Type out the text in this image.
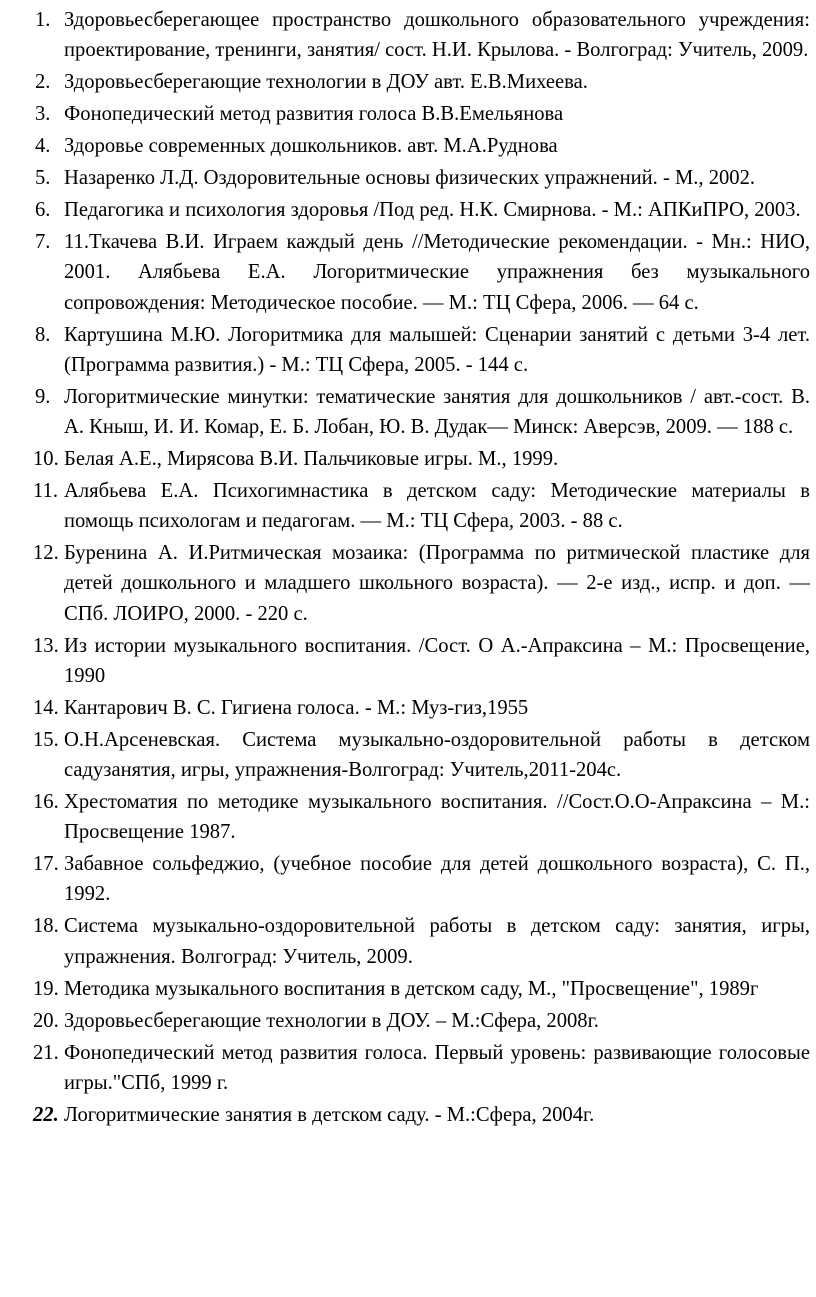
1. Здоровьесберегающее пространство дошкольного образовательного учреждения: проектирование, тренинги, занятия/ сост. Н.И. Крылова. - Волгоград: Учитель, 2009.
2. Здоровьесберегающие технологии в ДОУ авт. Е.В.Михеева.
3. Фонопедический метод развития голоса В.В.Емельянова
4. Здоровье современных дошкольников. авт. М.А.Руднова
5. Назаренко Л.Д. Оздоровительные основы физических упражнений. - М., 2002.
6. Педагогика и психология здоровья /Под ред. Н.К. Смирнова. - М.: АПКиПРО, 2003.
7. 11.Ткачева В.И. Играем каждый день //Методические рекомендации. - Мн.: НИО, 2001. Алябьева Е.А. Логоритмические упражнения без музыкального сопровождения: Методическое пособие. — М.: ТЦ Сфера, 2006. — 64 с.
8. Картушина М.Ю. Логоритмика для малышей: Сценарии занятий с детьми 3-4 лет. (Программа развития.) - М.: ТЦ Сфера, 2005. - 144 с.
9. Логоритмические минутки: тематические занятия для дошкольников / авт.-сост. В. А. Кныш, И. И. Комар, Е. Б. Лобан, Ю. В. Дудак— Минск: Аверсэв, 2009. — 188 с.
10. Белая А.Е., Мирясова В.И. Пальчиковые игры. М., 1999.
11. Алябьева Е.А. Психогимнастика в детском саду: Методические материалы в помощь психологам и педагогам. — М.: ТЦ Сфера, 2003. - 88 с.
12. Буренина А. И.Ритмическая мозаика: (Программа по ритмической пластике для детей дошкольного и младшего школьного возраста). — 2-е изд., испр. и доп. — СПб. ЛОИРО, 2000. - 220 с.
13. Из истории музыкального воспитания. /Сост. О А.-Апраксина – М.: Просвещение, 1990
14. Кантарович В. С. Гигиена голоса. - М.: Муз-гиз,1955
15. О.Н.Арсеневская. Система музыкально-оздоровительной работы в детском садузанятия, игры, упражнения-Волгоград: Учитель,2011-204с.
16. Хрестоматия по методике музыкального воспитания. //Сост.О.О-Апраксина – М.: Просвещение 1987.
17. Забавное сольфеджио, (учебное пособие для детей дошкольного возраста), С. П., 1992.
18. Система музыкально-оздоровительной работы в детском саду: занятия, игры, упражнения. Волгоград: Учитель, 2009.
19. Методика музыкального воспитания в детском саду, М., "Просвещение", 1989г
20. Здоровьесберегающие технологии в ДОУ. – М.:Сфера, 2008г.
21. Фонопедический метод развития голоса. Первый уровень: развивающие голосовые игры."СПб, 1999 г.
22. Логоритмические занятия в детском саду. - М.:Сфера, 2004г.
